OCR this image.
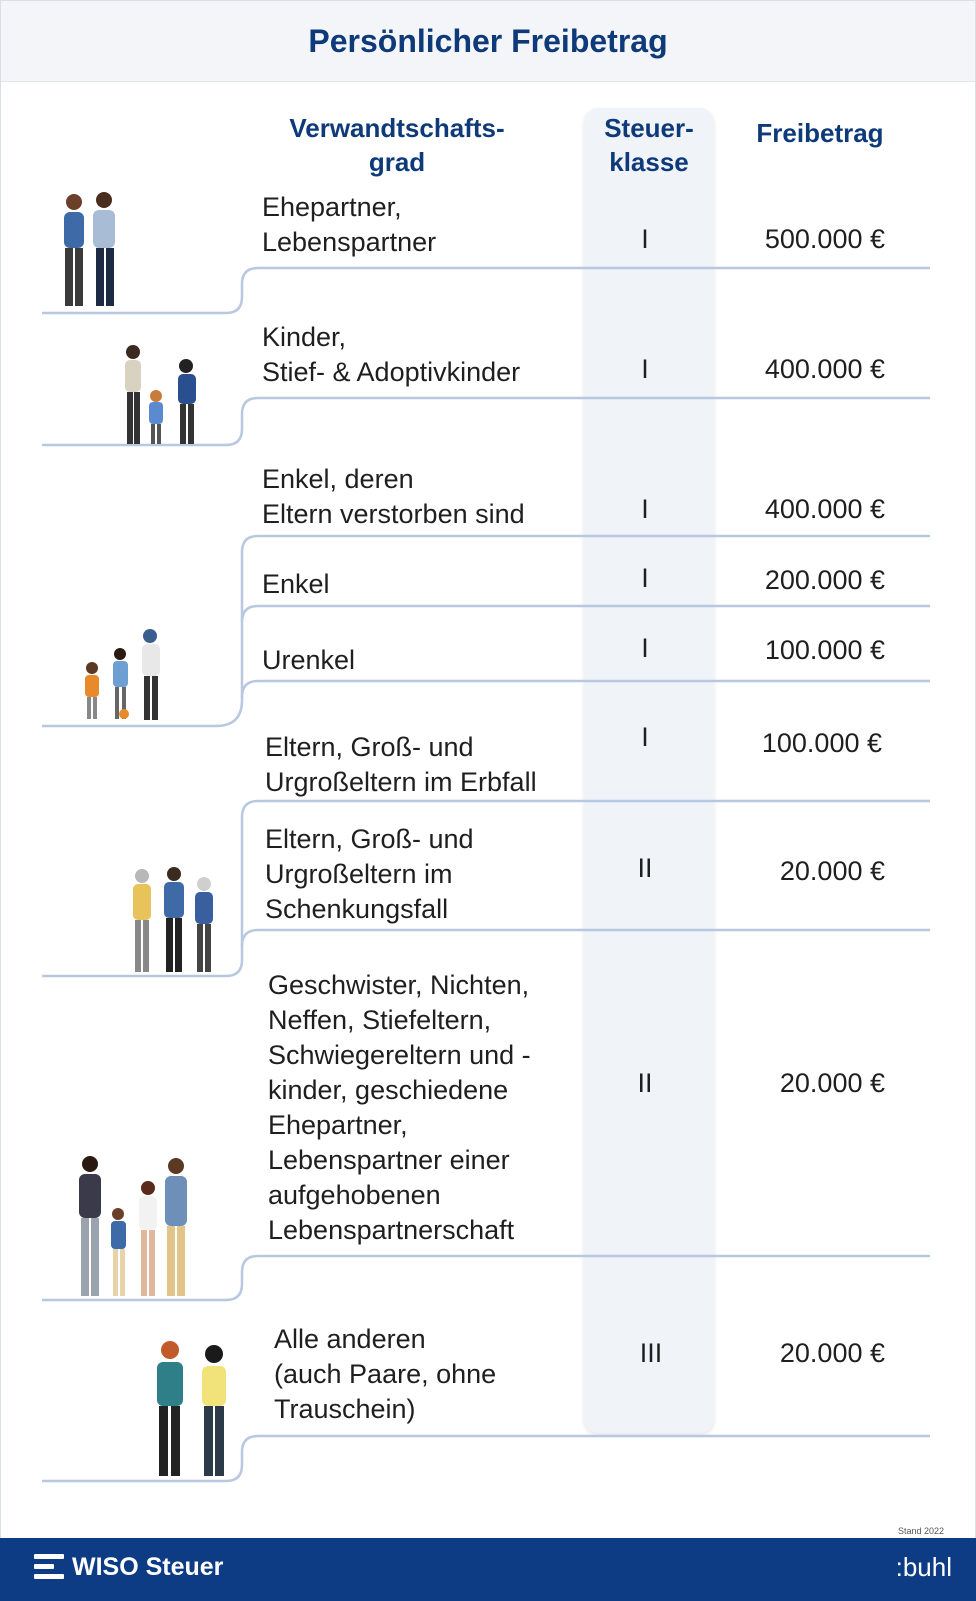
Persönlicher Freibetrag
Verwandtschafts-
grad
Steuer-
klasse
Freibetrag
Ehepartner,
Lebenspartner	I	500.000 €
Kinder,
Stief- & Adoptivkinder	I	400.000 €
Enkel, deren
Eltern verstorben sind	I	400.000 €
Enkel	I	200.000 €
Urenkel	I	100.000 €
Eltern, Groß- und
Urgroßeltern im Erbfall
I	100.000 €
Eltern, Groß- und
Urgroßeltern im
Schenkungsfall
II	20.000 €
Geschwister, Nichten,
Neffen, Stiefeltern,
Schwiegereltern und -
kinder, geschiedene
Ehepartner,
Lebenspartner einer
aufgehobenen
Lebenspartnerschaft
II	20.000 €
Alle anderen
(auch Paare, ohne
Trauschein)
III	20.000 €
Stand 2022
WISO Steuer	:buhl
